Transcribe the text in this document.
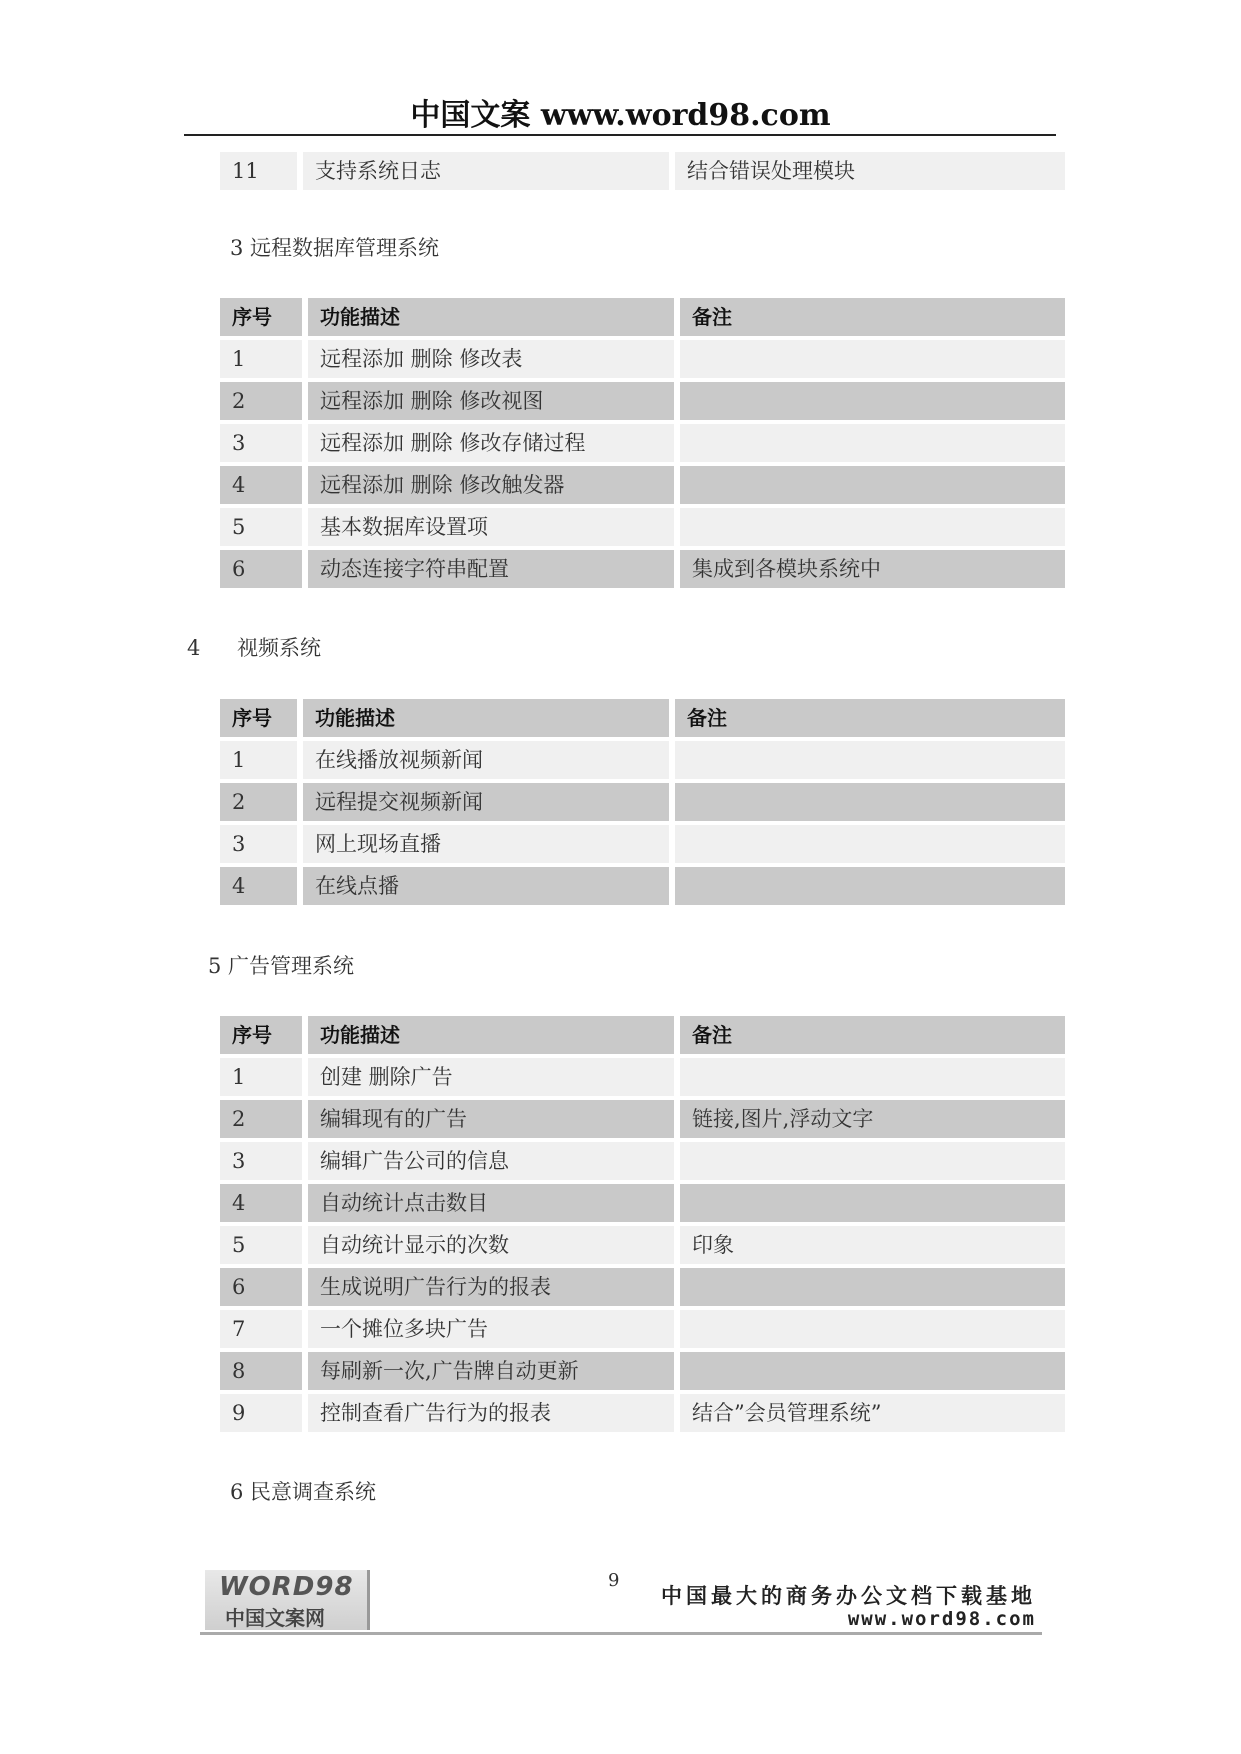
中国文案 www.word98.com
11	支持系统日志	结合错误处理模块
3 远程数据库管理系统
序号	功能描述	备注
1	远程添加 删除 修改表
2	远程添加 删除 修改视图
3	远程添加 删除 修改存储过程
4	远程添加 删除 修改触发器
5	基本数据库设置项
6	动态连接字符串配置	集成到各模块系统中
4 视频系统
序号	功能描述	备注
1	在线播放视频新闻
2	远程提交视频新闻
3	网上现场直播
4	在线点播
5 广告管理系统
序号	功能描述	备注
1	创建 删除广告
2	编辑现有的广告	链接,图片,浮动文字
3	编辑广告公司的信息
4	自动统计点击数目
5	自动统计显示的次数	印象
6	生成说明广告行为的报表
7	一个摊位多块广告
8	每刷新一次,广告牌自动更新
9	控制查看广告行为的报表	结合”会员管理系统”
6 民意调查系统
WORD98
中国文案网
9
中国最大的商务办公文档下载基地
www.word98.com
